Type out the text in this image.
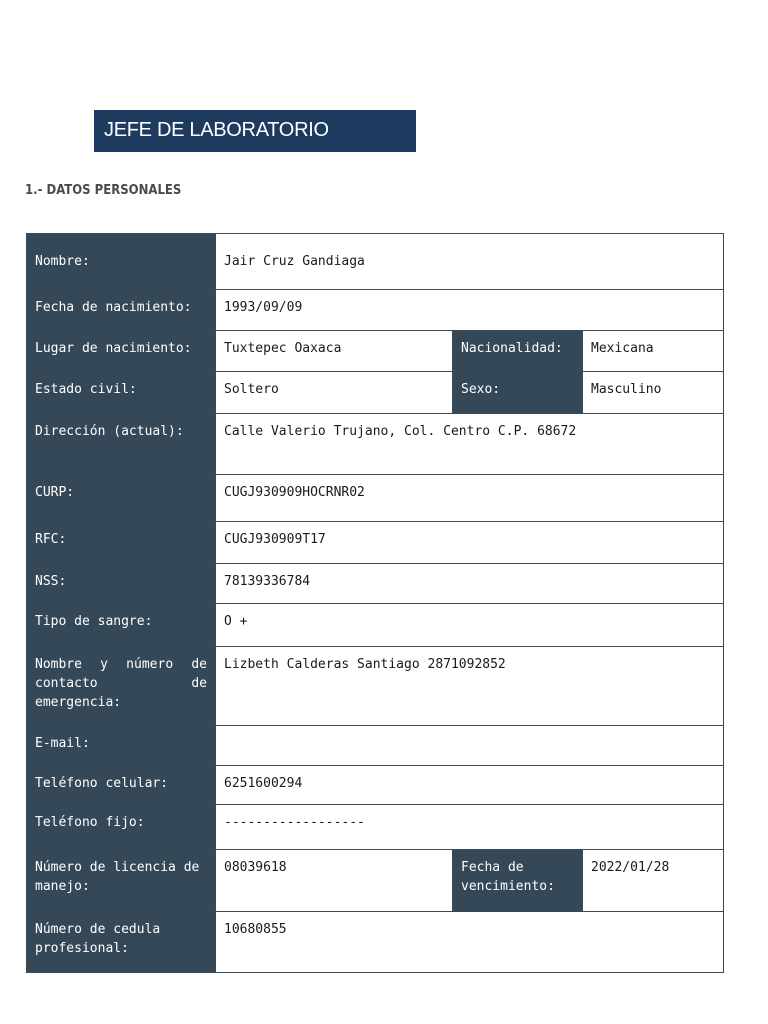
JEFE DE LABORATORIO
1.- DATOS PERSONALES
Nombre:	Jair Cruz Gandiaga		
Fecha de nacimiento:	1993/09/09		
Lugar de nacimiento:	Tuxtepec Oaxaca	Nacionalidad:	Mexicana
Estado civil:	Soltero	Sexo:	Masculino
Dirección (actual):	Calle Valerio Trujano, Col. Centro C.P. 68672		
CURP:	CUGJ930909HOCRNR02		
RFC:	CUGJ930909T17		
NSS:	78139336784		
Tipo de sangre:	O +		
Nombre y número de contacto de emergencia:	Lizbeth Calderas Santiago 2871092852		
E-mail:			
Teléfono celular:	6251600294		
Teléfono fijo:	------------------		
Número de licencia de manejo:	08039618	Fecha de vencimiento:	2022/01/28
Número de cedula profesional:	10680855		
